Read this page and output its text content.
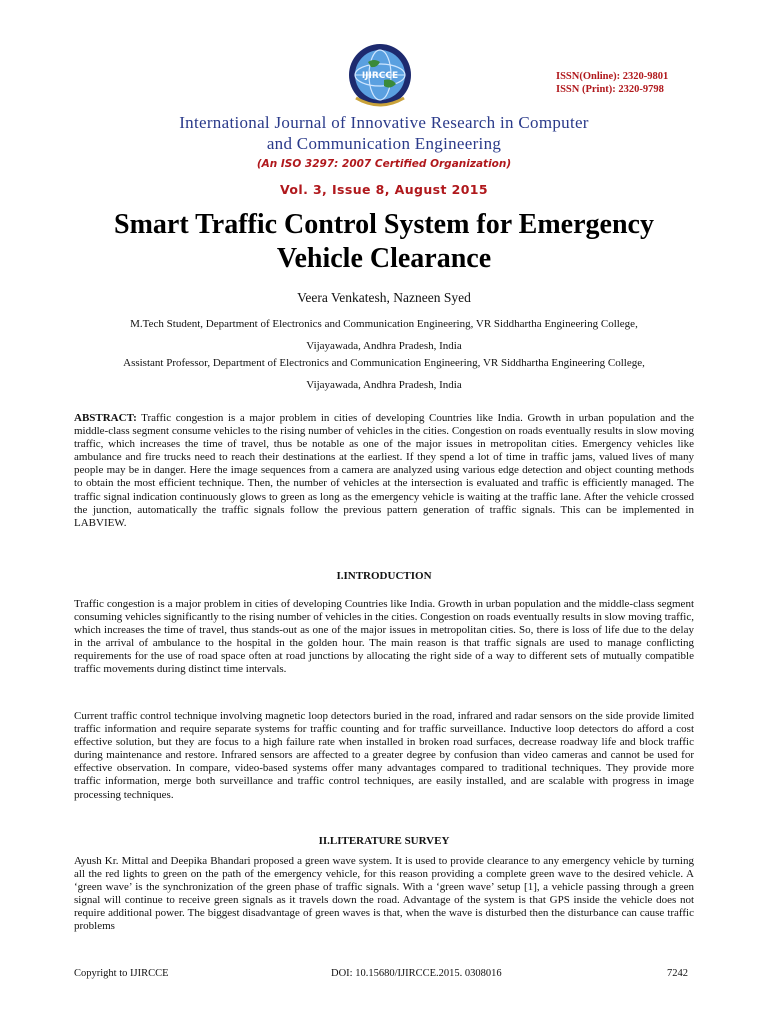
IJIRCCE	ISSN(Online): 2320-9801
ISSN (Print): 2320-9798
International Journal of Innovative Research in Computer
and Communication Engineering
(An ISO 3297: 2007 Certified Organization)
Vol. 3, Issue 8, August 2015
Smart Traffic Control System for Emergency
Vehicle Clearance
Veera Venkatesh, Nazneen Syed
M.Tech Student, Department of Electronics and Communication Engineering, VR Siddhartha Engineering College,
Vijayawada, Andhra Pradesh, India
Assistant Professor, Department of Electronics and Communication Engineering, VR Siddhartha Engineering College,
Vijayawada, Andhra Pradesh, India

ABSTRACT: Traffic congestion is a major problem in cities of developing Countries like India. Growth in urban population and the middle-class segment consume vehicles to the rising number of vehicles in the cities. Congestion on roads eventually results in slow moving traffic, which increases the time of travel, thus be notable as one of the major issues in metropolitan cities. Emergency vehicles like ambulance and fire trucks need to reach their destinations at the earliest. If they spend a lot of time in traffic jams, valued lives of many people may be in danger. Here the image sequences from a camera are analyzed using various edge detection and object counting methods to obtain the most efficient technique. Then, the number of vehicles at the intersection is evaluated and traffic is efficiently managed. The traffic signal indication continuously glows to green as long as the emergency vehicle is waiting at the traffic lane. After the vehicle crossed the junction, automatically the traffic signals follow the previous pattern generation of traffic signals. This can be implemented in LABVIEW.

I.INTRODUCTION

Traffic congestion is a major problem in cities of developing Countries like India. Growth in urban population and the middle-class segment consuming vehicles significantly to the rising number of vehicles in the cities. Congestion on roads eventually results in slow moving traffic, which increases the time of travel, thus stands-out as one of the major issues in metropolitan cities. So, there is loss of life due to the delay in the arrival of ambulance to the hospital in the golden hour. The main reason is that traffic signals are used to manage conflicting requirements for the use of road space often at road junctions by allocating the right side of a way to different sets of mutually compatible traffic movements during distinct time intervals.

Current traffic control technique involving magnetic loop detectors buried in the road, infrared and radar sensors on the side provide limited traffic information and require separate systems for traffic counting and for traffic surveillance. Inductive loop detectors do afford a cost effective solution, but they are focus to a high failure rate when installed in broken road surfaces, decrease roadway life and block traffic during maintenance and restore. Infrared sensors are affected to a greater degree by confusion than video cameras and cannot be used for effective observation. In compare, video-based systems offer many advantages compared to traditional techniques. They provide more traffic information, merge both surveillance and traffic control techniques, are easily installed, and are scalable with progress in image processing techniques.

II.LITERATURE SURVEY

Ayush Kr. Mittal and Deepika Bhandari proposed a green wave system. It is used to provide clearance to any emergency vehicle by turning all the red lights to green on the path of the emergency vehicle, for this reason providing a complete green wave to the desired vehicle. A ‘green wave’ is the synchronization of the green phase of traffic signals. With a ‘green wave’ setup [1], a vehicle passing through a green signal will continue to receive green signals as it travels down the road. Advantage of the system is that GPS inside the vehicle does not require additional power. The biggest disadvantage of green waves is that, when the wave is disturbed then the disturbance can cause traffic problems

Copyright to IJIRCCE	DOI: 10.15680/IJIRCCE.2015. 0308016	7242
